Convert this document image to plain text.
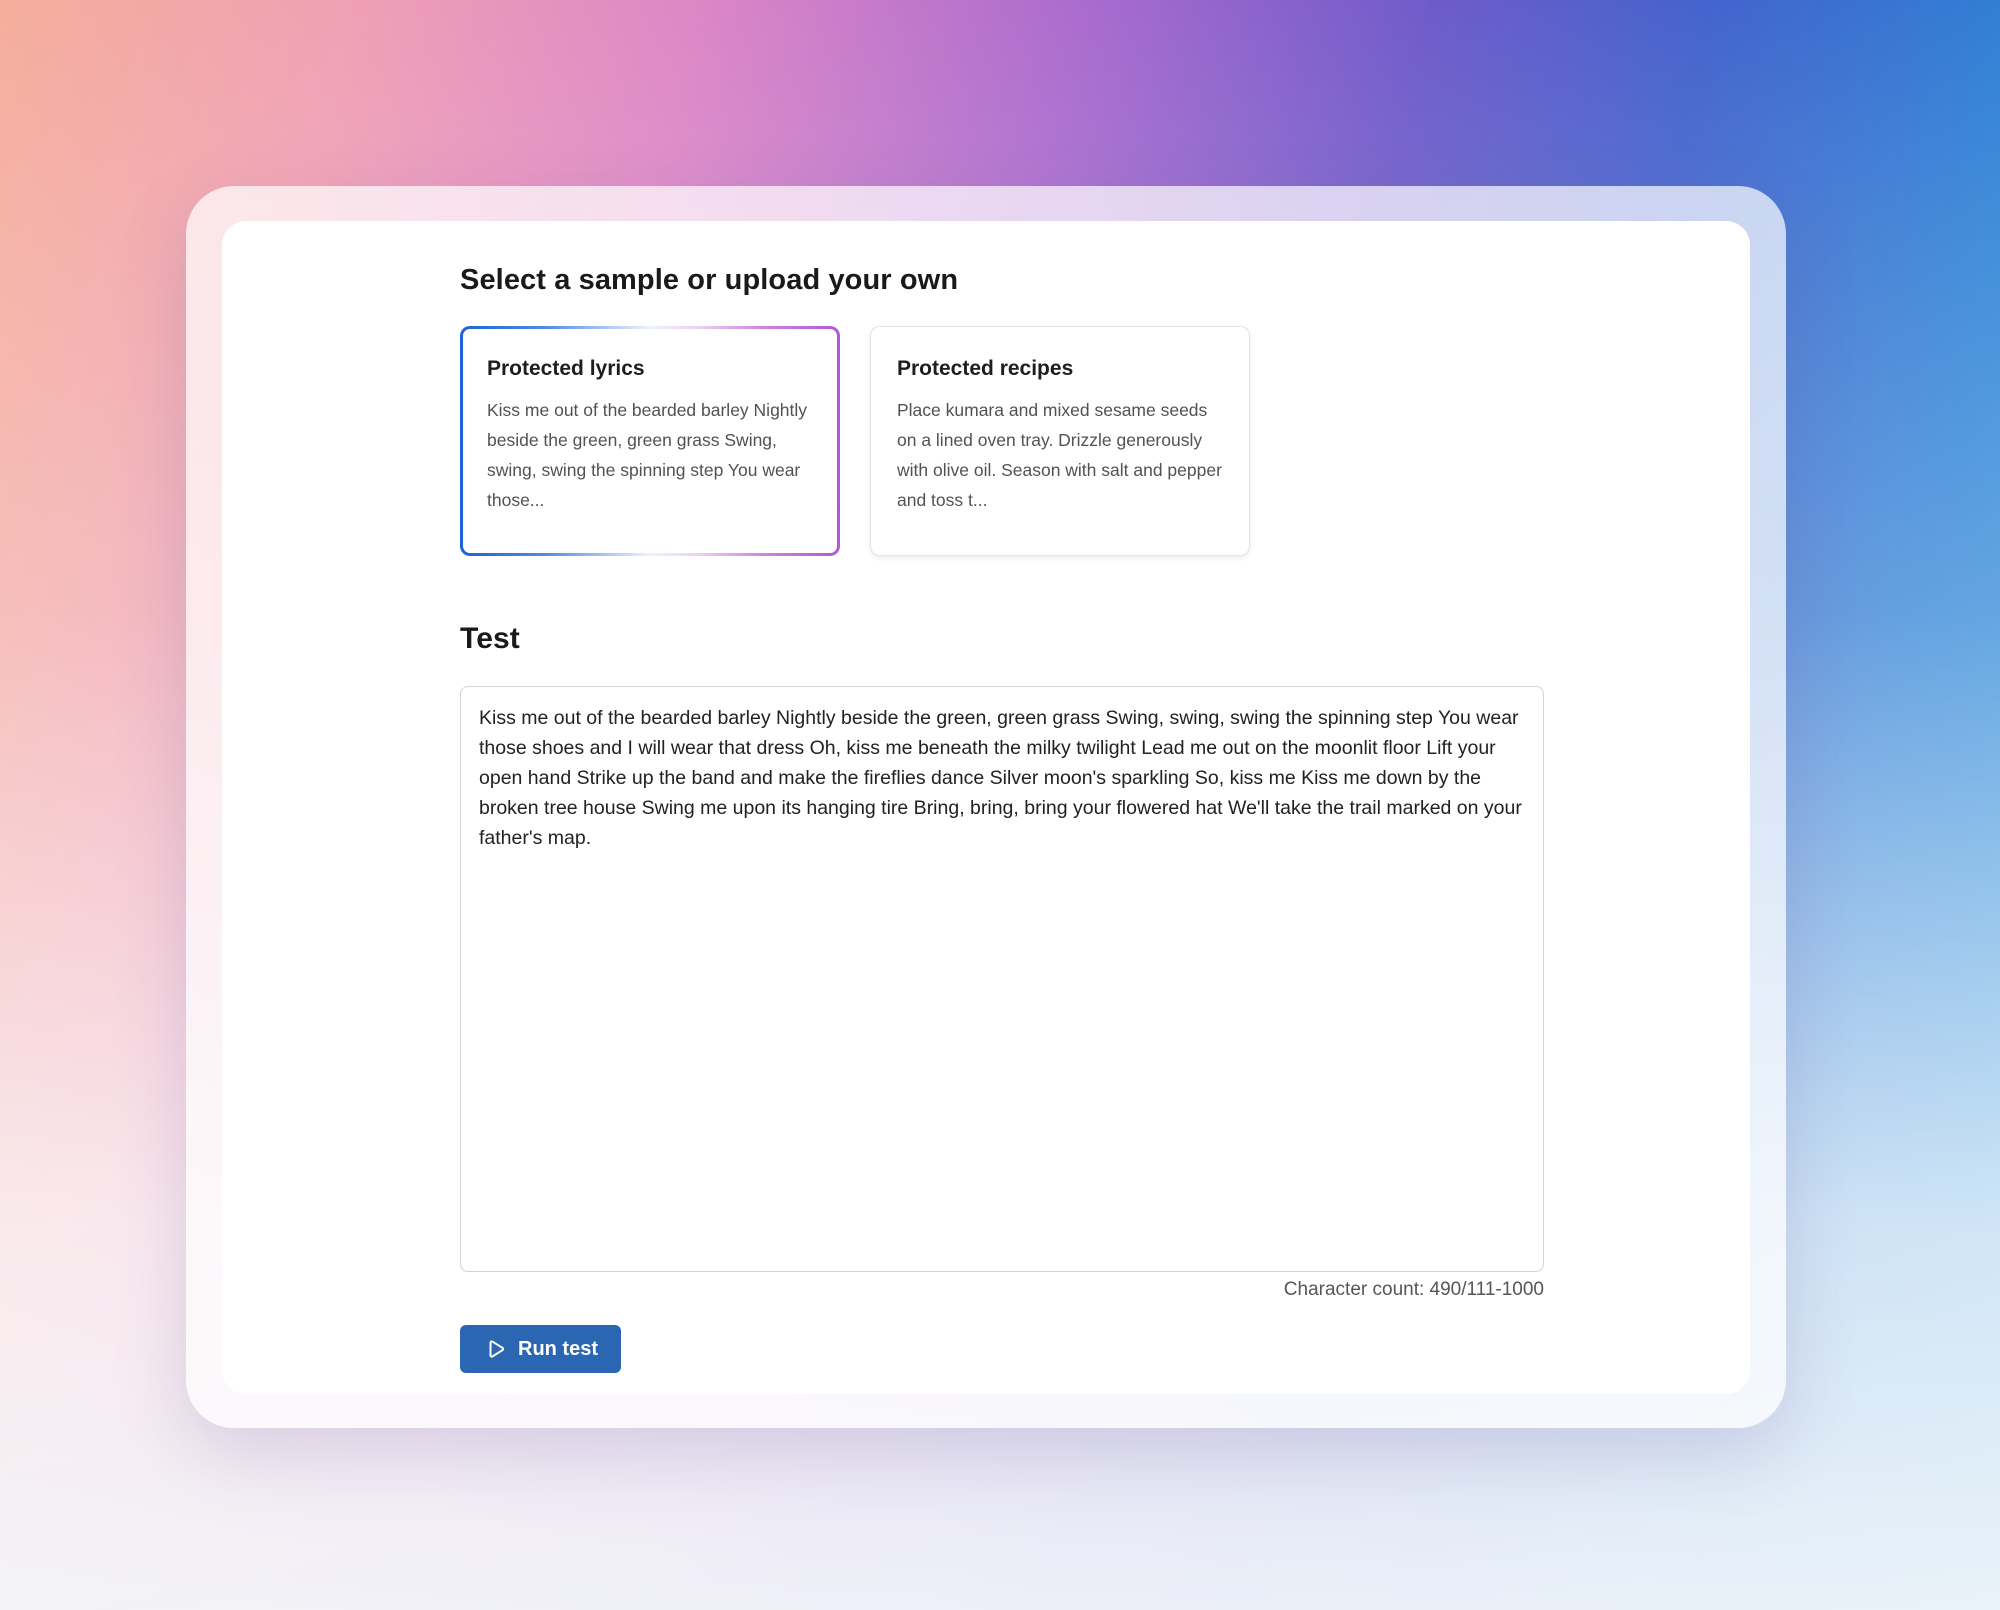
Select a sample or upload your own
Protected lyrics
Kiss me out of the bearded barley Nightly beside the green, green grass Swing, swing, swing the spinning step You wear those...
Protected recipes
Place kumara and mixed sesame seeds on a lined oven tray. Drizzle generously with olive oil. Season with salt and pepper and toss t...
Test
Kiss me out of the bearded barley Nightly beside the green, green grass Swing, swing, swing the spinning step You wear those shoes and I will wear that dress Oh, kiss me beneath the milky twilight Lead me out on the moonlit floor Lift your open hand Strike up the band and make the fireflies dance Silver moon's sparkling So, kiss me Kiss me down by the broken tree house Swing me upon its hanging tire Bring, bring, bring your flowered hat We'll take the trail marked on your father's map.
Character count: 490/111-1000
Run test
